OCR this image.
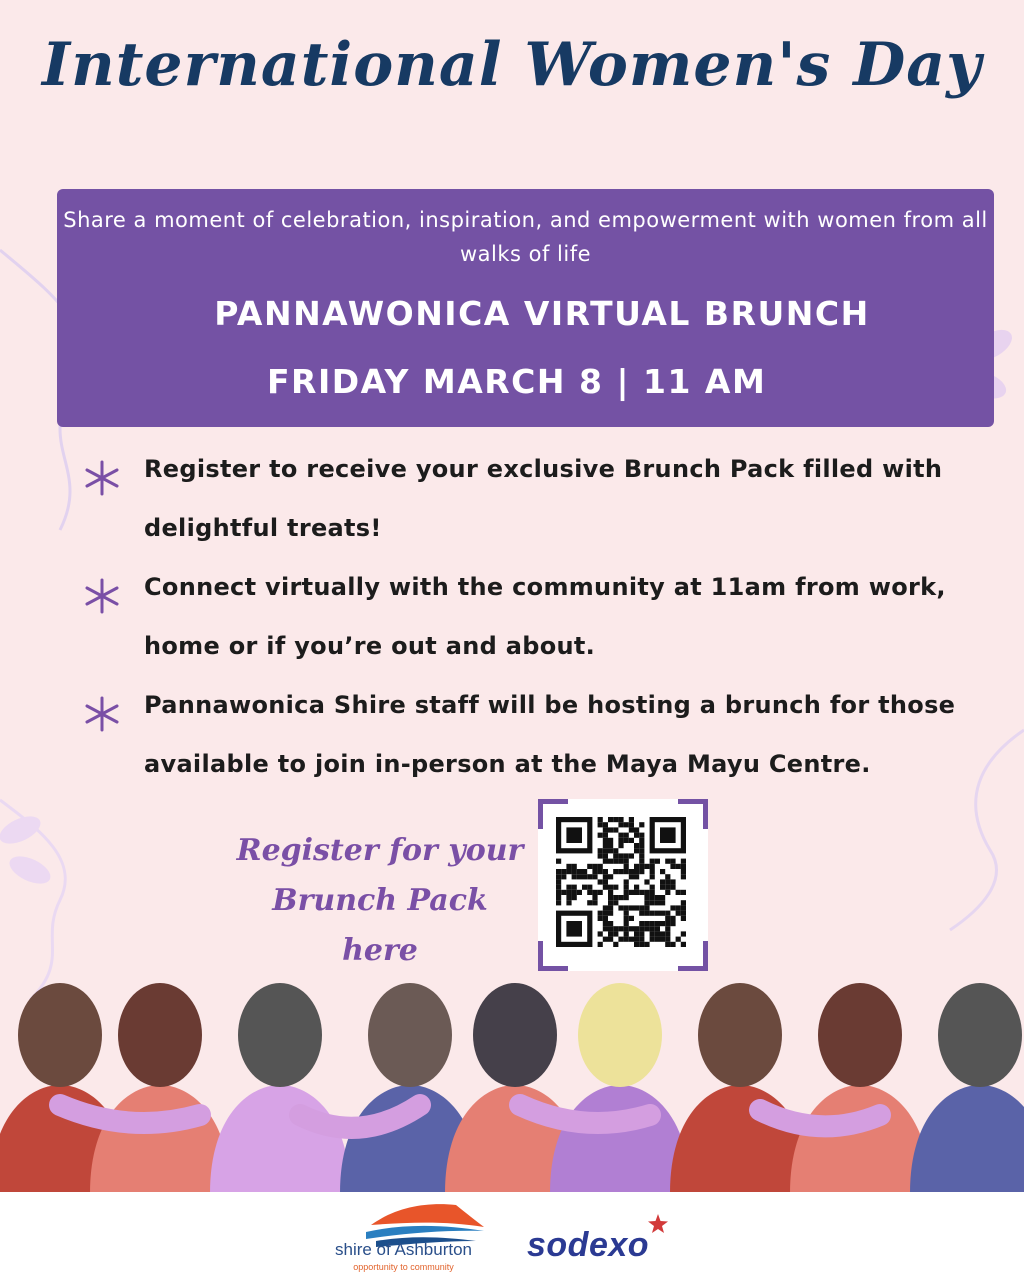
International Women's Day
Share a moment of celebration, inspiration, and empowerment with women from all walks of life
PANNAWONICA VIRTUAL BRUNCH
FRIDAY MARCH 8 | 11 AM
Register to receive your exclusive Brunch Pack filled with delightful treats!
Connect virtually with the community at 11am from work, home or if you’re out and about.
Pannawonica Shire staff will be hosting a brunch for those available to join in-person at the Maya Mayu Centre.
Register for your
Brunch Pack here
shire of Ashburton
opportunity to community
sodexo
